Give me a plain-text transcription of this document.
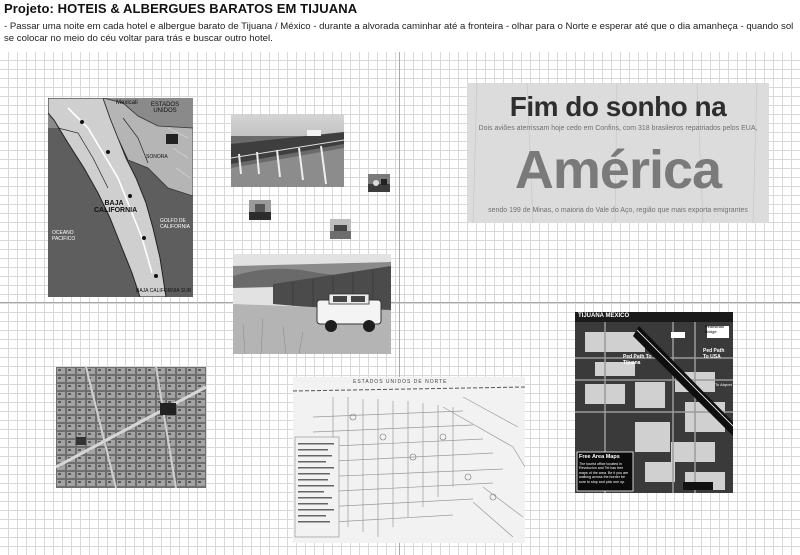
Projeto: HOTEIS & ALBERGUES BARATOS EM TIJUANA
- Passar uma noite em cada hotel e albergue barato de Tijuana / México - durante a alvorada caminhar até a fronteira - olhar para o Norte e esperar até que o dia amanheça - quando sol se colocar no meio do céu voltar para trás e buscar outro hotel.
Mexicali	ESTADOS UNIDOS
SONORA
BAJA CALIFORNIA
OCEANO PACIFICO
GOLFO DE CALIFORNIA
BAJA CALIFORNIA SUR
Fim do sonho na
Dois aviões aterrissam hoje cedo em Confins, com 318 brasileiros repatriados pelos EUA,
América
sendo 199 de Minas, o maioria do Vale do Aço, região que mais exporta emigrantes
ESTADOS UNIDOS DE NORTE
TIJUANA MEXICO
Pedestrian Bridge
Ped Path To Tijuana
Ped Path To USA
To Airport
Free Area Maps
The tourist office located in Revolucion and Tel has free maps of the area. Be it you are walking across the border be sure to stop and pick one up.
